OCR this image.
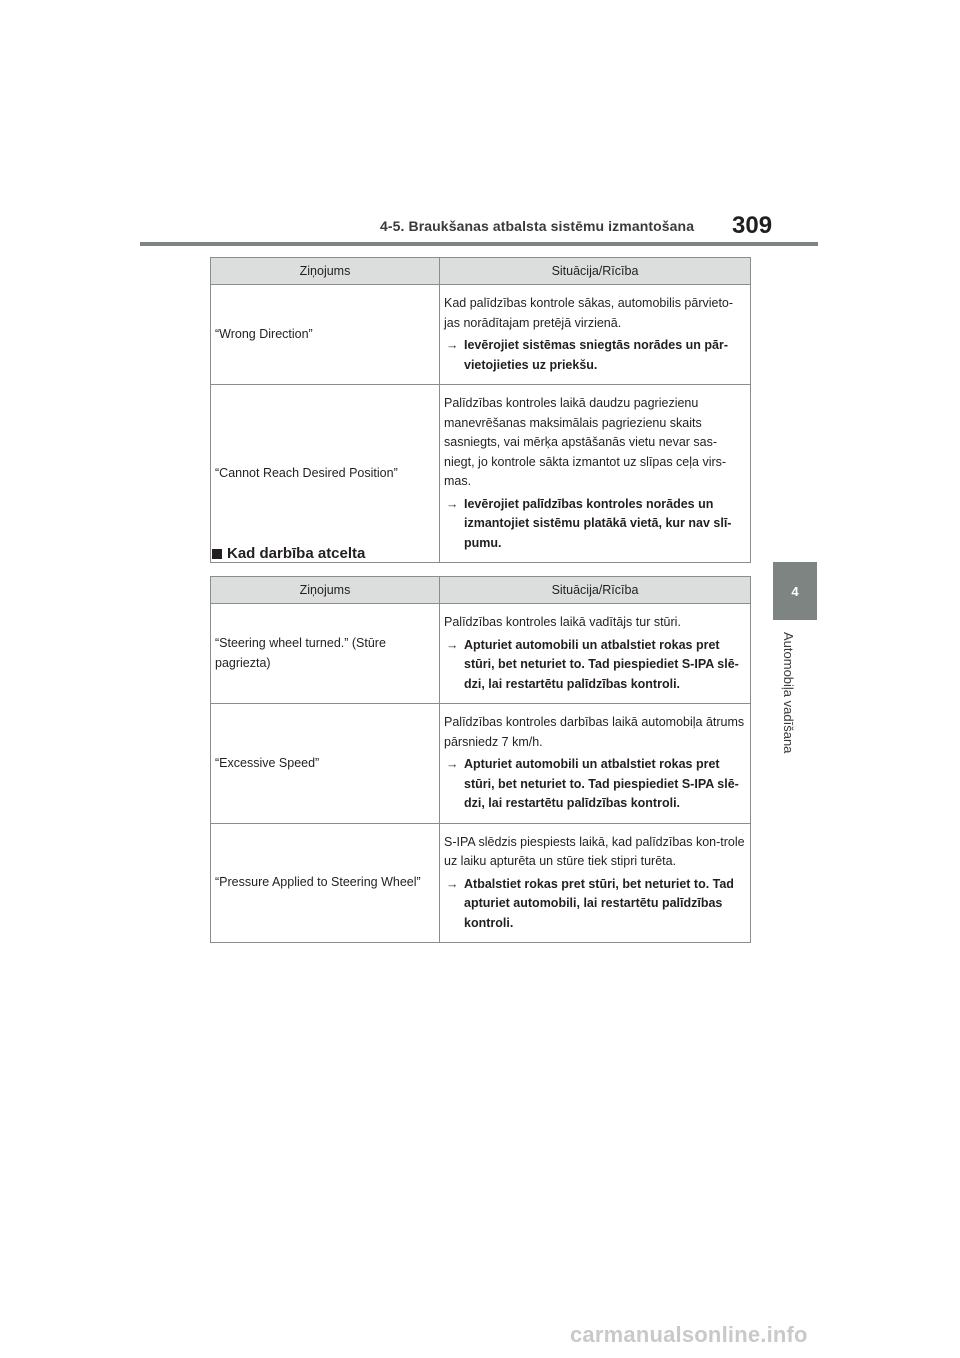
4-5. Braukšanas atbalsta sistēmu izmantošana 309
4
Automobiļa vadīšana
Ziņojums	Situācija/Rīcība
“Wrong Direction”	Kad palīdzības kontrole sākas, automobilis pārvieto-jas norādītajam pretējā virzienā.
→ Ievērojiet sistēmas sniegtās norādes un pār-vietojieties uz priekšu.

“Cannot Reach Desired Position”	Palīdzības kontroles laikā daudzu pagriezienu manevrēšanas maksimālais pagriezienu skaits sasniegts, vai mērķa apstāšanās vietu nevar sas-niegt, jo kontrole sākta izmantot uz slīpas ceļa virs-mas.
→ Ievērojiet palīdzības kontroles norādes un izmantojiet sistēmu platākā vietā, kur nav slī-pumu.
Kad darbība atcelta
Ziņojums	Situācija/Rīcība
“Steering wheel turned.” (Stūre pagriezta)	Palīdzības kontroles laikā vadītājs tur stūri.
→ Apturiet automobili un atbalstiet rokas pret stūri, bet neturiet to. Tad piespiediet S-IPA slē-dzi, lai restartētu palīdzības kontroli.

“Excessive Speed”	Palīdzības kontroles darbības laikā automobiļa ātrums pārsniedz 7 km/h.
→ Apturiet automobili un atbalstiet rokas pret stūri, bet neturiet to. Tad piespiediet S-IPA slē-dzi, lai restartētu palīdzības kontroli.

“Pressure Applied to Steering Wheel”	S-IPA slēdzis piespiests laikā, kad palīdzības kon-trole uz laiku apturēta un stūre tiek stipri turēta.
→ Atbalstiet rokas pret stūri, bet neturiet to. Tad apturiet automobili, lai restartētu palīdzības kontroli.
carmanualsonline.info
